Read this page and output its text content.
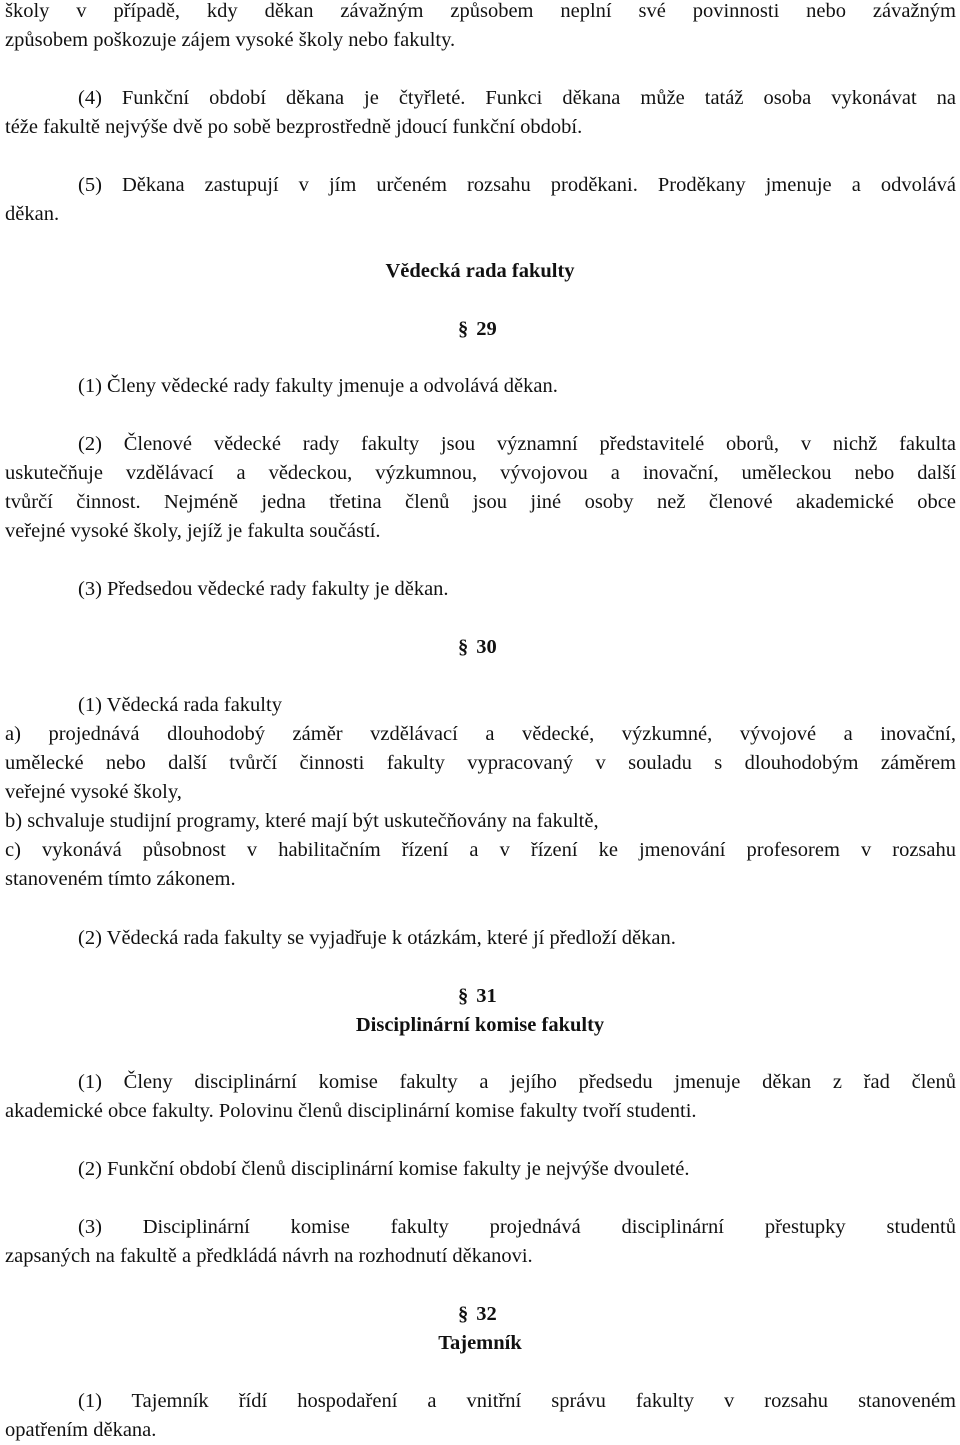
školy v případě, kdy děkan závažným způsobem neplní své povinnosti nebo závažným
způsobem poškozuje zájem vysoké školy nebo fakulty.
(4) Funkční období děkana je čtyřleté. Funkci děkana může tatáž osoba vykonávat na
téže fakultě nejvýše dvě po sobě bezprostředně jdoucí funkční období.
(5) Děkana zastupují v jím určeném rozsahu proděkani. Proděkany jmenuje a odvolává
děkan.
Vědecká rada fakulty
§ 29
(1) Členy vědecké rady fakulty jmenuje a odvolává děkan.
(2) Členové vědecké rady fakulty jsou významní představitelé oborů, v nichž fakulta
uskutečňuje vzdělávací a vědeckou, výzkumnou, vývojovou a inovační, uměleckou nebo další
tvůrčí činnost. Nejméně jedna třetina členů jsou jiné osoby než členové akademické obce
veřejné vysoké školy, jejíž je fakulta součástí.
(3) Předsedou vědecké rady fakulty je děkan.
§ 30
(1) Vědecká rada fakulty
a) projednává dlouhodobý záměr vzdělávací a vědecké, výzkumné, vývojové a inovační,
umělecké nebo další tvůrčí činnosti fakulty vypracovaný v souladu s dlouhodobým záměrem
veřejné vysoké školy,
b) schvaluje studijní programy, které mají být uskutečňovány na fakultě,
c) vykonává působnost v habilitačním řízení a v řízení ke jmenování profesorem v rozsahu
stanoveném tímto zákonem.
(2) Vědecká rada fakulty se vyjadřuje k otázkám, které jí předloží děkan.
§ 31
Disciplinární komise fakulty
(1) Členy disciplinární komise fakulty a jejího předsedu jmenuje děkan z řad členů
akademické obce fakulty. Polovinu členů disciplinární komise fakulty tvoří studenti.
(2) Funkční období členů disciplinární komise fakulty je nejvýše dvouleté.
(3) Disciplinární komise fakulty projednává disciplinární přestupky studentů
zapsaných na fakultě a předkládá návrh na rozhodnutí děkanovi.
§ 32
Tajemník
(1) Tajemník řídí hospodaření a vnitřní správu fakulty v rozsahu stanoveném
opatřením děkana.
